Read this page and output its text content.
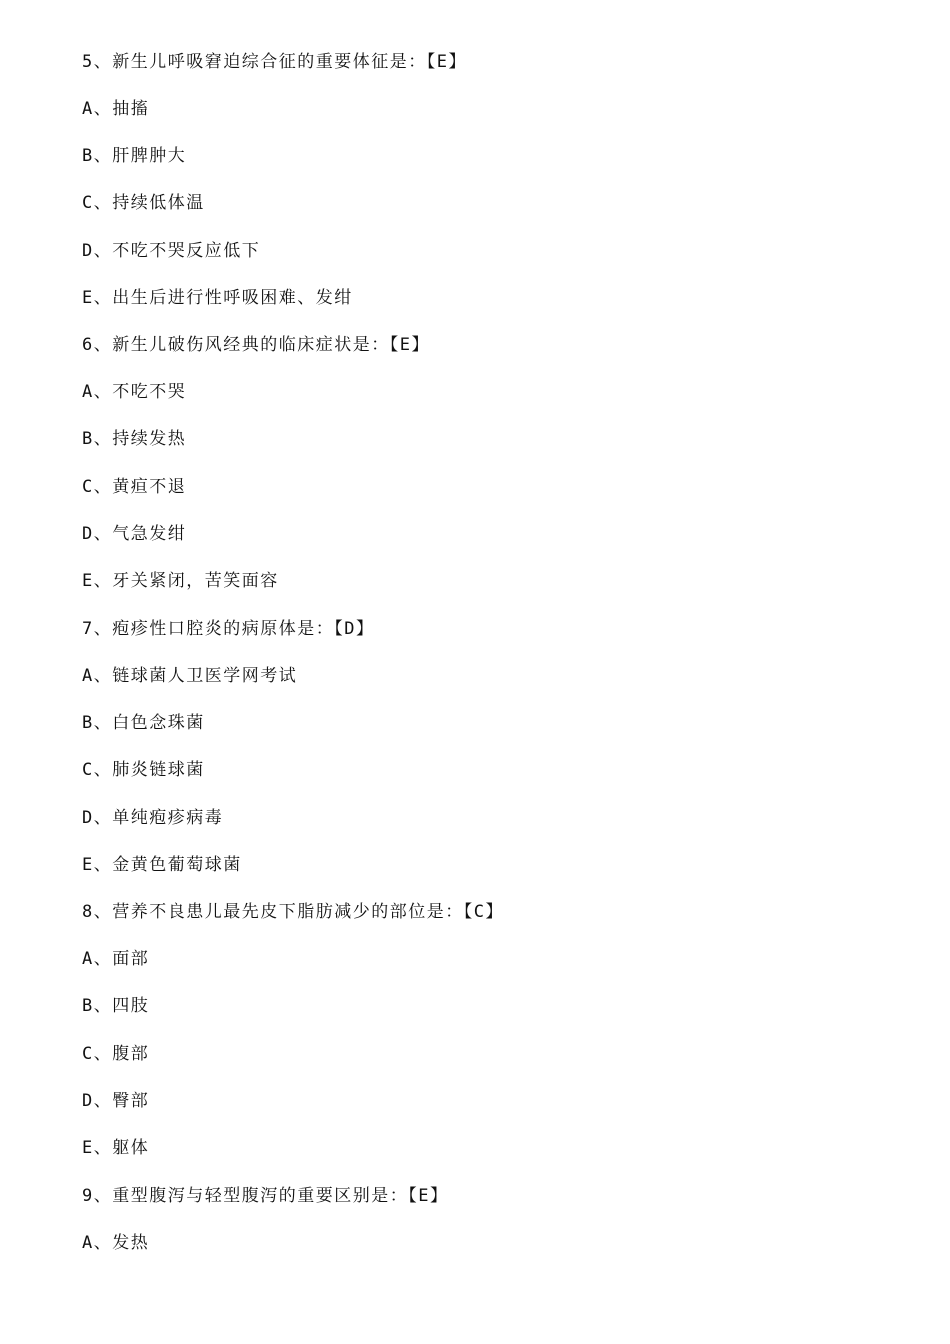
5、新生儿呼吸窘迫综合征的重要体征是：【E】
A、抽搐
B、肝脾肿大
C、持续低体温
D、不吃不哭反应低下
E、出生后进行性呼吸困难、发绀
6、新生儿破伤风经典的临床症状是：【E】
A、不吃不哭
B、持续发热
C、黄疸不退
D、气急发绀
E、牙关紧闭，苦笑面容
7、疱疹性口腔炎的病原体是：【D】
A、链球菌人卫医学网考试
B、白色念珠菌
C、肺炎链球菌
D、单纯疱疹病毒
E、金黄色葡萄球菌
8、营养不良患儿最先皮下脂肪减少的部位是：【C】
A、面部
B、四肢
C、腹部
D、臀部
E、躯体
9、重型腹泻与轻型腹泻的重要区别是：【E】
A、发热
